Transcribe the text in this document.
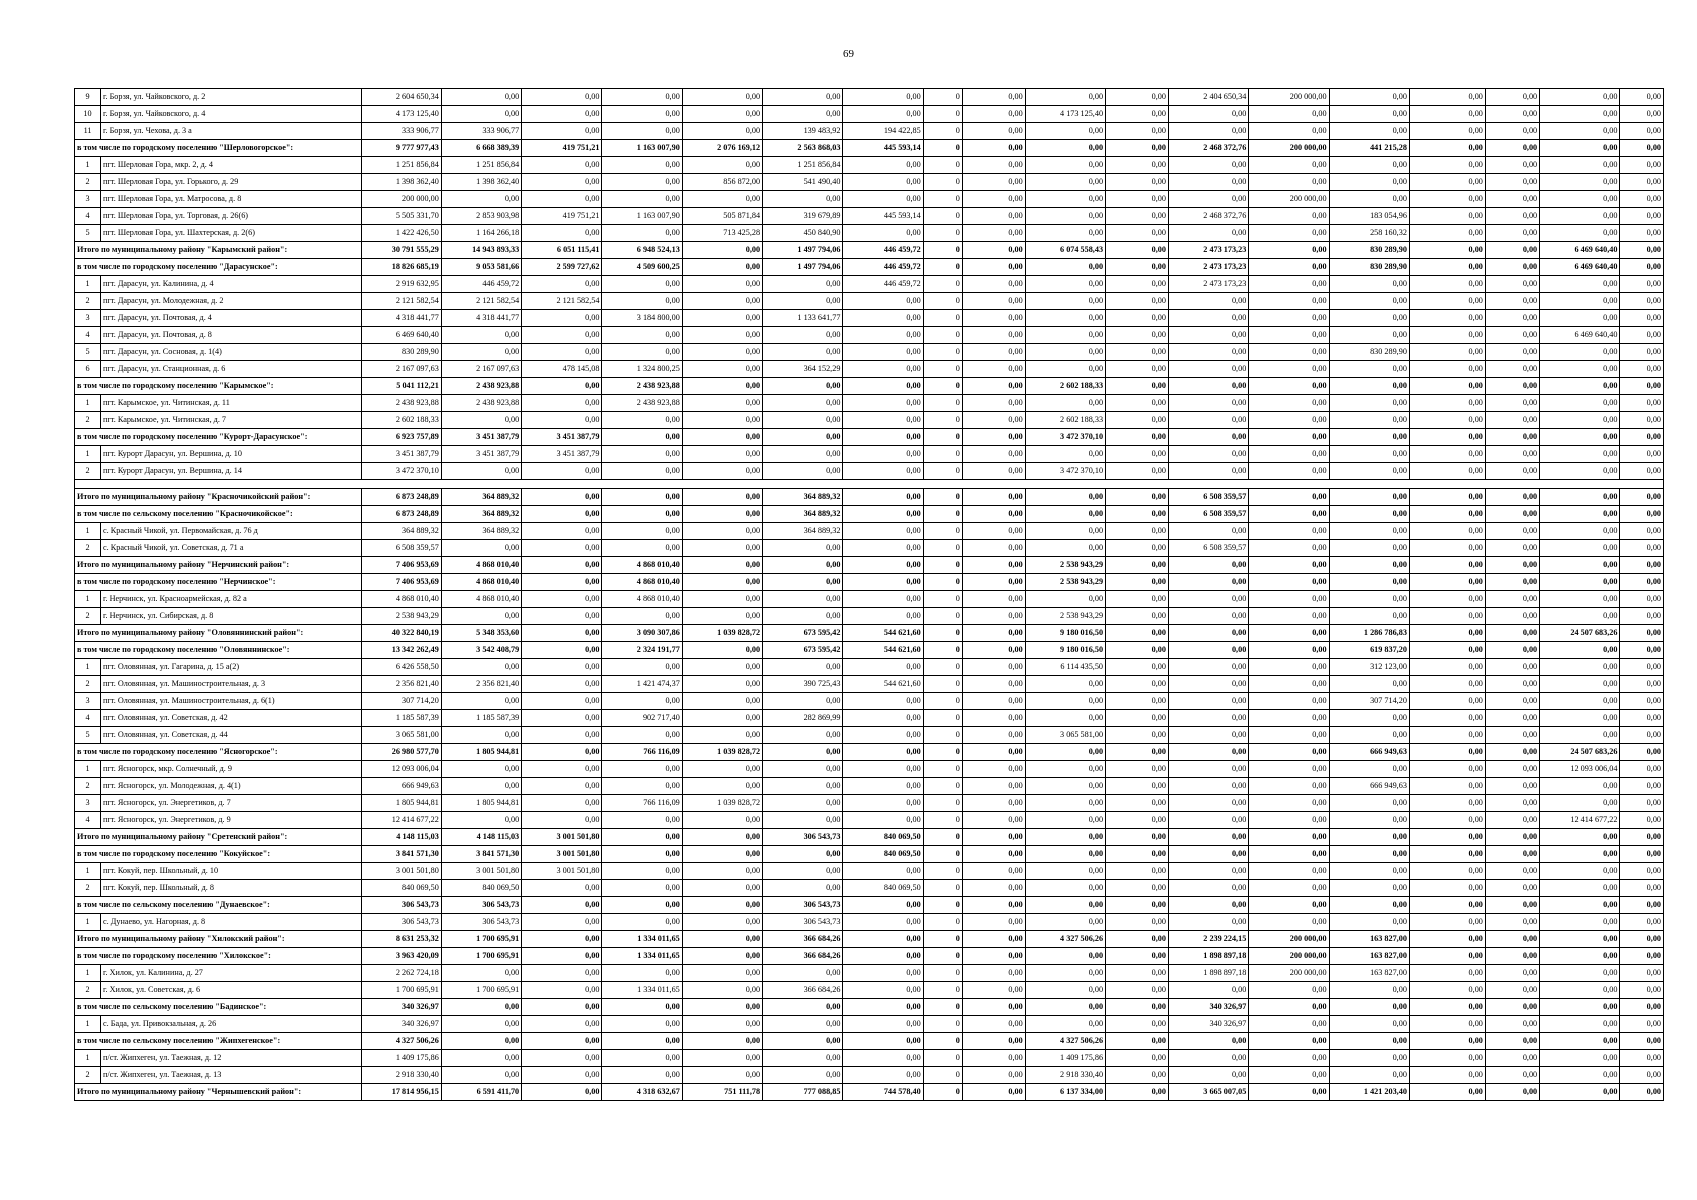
69
9	г. Борзя, ул. Чайковского, д. 2	2 604 650,34	0,00	0,00	0,00	0,00	0,00	0,00	0	0,00	0,00	0,00	2 404 650,34	200 000,00	0,00	0,00	0,00	0,00	0,00
10	г. Борзя, ул. Чайковского, д. 4	4 173 125,40	0,00	0,00	0,00	0,00	0,00	0,00	0	0,00	4 173 125,40	0,00	0,00	0,00	0,00	0,00	0,00	0,00	0,00
11	г. Борзя, ул. Чехова, д. 3 а	333 906,77	333 906,77	0,00	0,00	0,00	139 483,92	194 422,85	0	0,00	0,00	0,00	0,00	0,00	0,00	0,00	0,00	0,00	0,00
в том числе по городскому поселению "Шерловогорское":		9 777 977,43	6 668 389,39	419 751,21	1 163 007,90	2 076 169,12	2 563 868,03	445 593,14	0	0,00	0,00	0,00	2 468 372,76	200 000,00	441 215,28	0,00	0,00	0,00	0,00
1	пгт. Шерловая Гора, мкр. 2, д. 4	1 251 856,84	1 251 856,84	0,00	0,00	0,00	1 251 856,84	0,00	0	0,00	0,00	0,00	0,00	0,00	0,00	0,00	0,00	0,00	0,00
2	пгт. Шерловая Гора, ул. Горького, д. 29	1 398 362,40	1 398 362,40	0,00	0,00	856 872,00	541 490,40	0,00	0	0,00	0,00	0,00	0,00	0,00	0,00	0,00	0,00	0,00	0,00
3	пгт. Шерловая Гора, ул. Матросова, д. 8	200 000,00	0,00	0,00	0,00	0,00	0,00	0,00	0	0,00	0,00	0,00	0,00	200 000,00	0,00	0,00	0,00	0,00	0,00
4	пгт. Шерловая Гора, ул. Торговая, д. 26(6)	5 505 331,70	2 853 903,98	419 751,21	1 163 007,90	505 871,84	319 679,89	445 593,14	0	0,00	0,00	0,00	2 468 372,76	0,00	183 054,96	0,00	0,00	0,00	0,00
5	пгт. Шерловая Гора, ул. Шахтерская, д. 2(6)	1 422 426,50	1 164 266,18	0,00	0,00	713 425,28	450 840,90	0,00	0	0,00	0,00	0,00	0,00	0,00	258 160,32	0,00	0,00	0,00	0,00
Итого по муниципальному району "Карымский район":		30 791 555,29	14 943 893,33	6 051 115,41	6 948 524,13	0,00	1 497 794,06	446 459,72	0	0,00	6 074 558,43	0,00	2 473 173,23	0,00	830 289,90	0,00	0,00	6 469 640,40	0,00
в том числе по городскому поселению "Дарасунское":		18 826 685,19	9 053 581,66	2 599 727,62	4 509 600,25	0,00	1 497 794,06	446 459,72	0	0,00	0,00	0,00	2 473 173,23	0,00	830 289,90	0,00	0,00	6 469 640,40	0,00
1	пгт. Дарасун, ул. Калинина, д. 4	2 919 632,95	446 459,72	0,00	0,00	0,00	0,00	446 459,72	0	0,00	0,00	0,00	2 473 173,23	0,00	0,00	0,00	0,00	0,00	0,00
2	пгт. Дарасун, ул. Молодежная, д. 2	2 121 582,54	2 121 582,54	2 121 582,54	0,00	0,00	0,00	0,00	0	0,00	0,00	0,00	0,00	0,00	0,00	0,00	0,00	0,00	0,00
3	пгт. Дарасун, ул. Почтовая, д. 4	4 318 441,77	4 318 441,77	0,00	3 184 800,00	0,00	1 133 641,77	0,00	0	0,00	0,00	0,00	0,00	0,00	0,00	0,00	0,00	0,00	0,00
4	пгт. Дарасун, ул. Почтовая, д. 8	6 469 640,40	0,00	0,00	0,00	0,00	0,00	0,00	0	0,00	0,00	0,00	0,00	0,00	0,00	0,00	0,00	6 469 640,40	0,00
5	пгт. Дарасун, ул. Сосновая, д. 1(4)	830 289,90	0,00	0,00	0,00	0,00	0,00	0,00	0	0,00	0,00	0,00	0,00	0,00	830 289,90	0,00	0,00	0,00	0,00
6	пгт. Дарасун, ул. Станционная, д. 6	2 167 097,63	2 167 097,63	478 145,08	1 324 800,25	0,00	364 152,29	0,00	0	0,00	0,00	0,00	0,00	0,00	0,00	0,00	0,00	0,00	0,00
в том числе по городскому поселению "Карымское":		5 041 112,21	2 438 923,88	0,00	2 438 923,88	0,00	0,00	0,00	0	0,00	2 602 188,33	0,00	0,00	0,00	0,00	0,00	0,00	0,00	0,00
1	пгт. Карымское, ул. Читинская, д. 11	2 438 923,88	2 438 923,88	0,00	2 438 923,88	0,00	0,00	0,00	0	0,00	0,00	0,00	0,00	0,00	0,00	0,00	0,00	0,00	0,00
2	пгт. Карымское, ул. Читинская, д. 7	2 602 188,33	0,00	0,00	0,00	0,00	0,00	0,00	0	0,00	2 602 188,33	0,00	0,00	0,00	0,00	0,00	0,00	0,00	0,00
в том числе по городскому поселению "Курорт-Дарасунское":		6 923 757,89	3 451 387,79	3 451 387,79	0,00	0,00	0,00	0,00	0	0,00	3 472 370,10	0,00	0,00	0,00	0,00	0,00	0,00	0,00	0,00
1	пгт. Курорт Дарасун, ул. Вершина, д. 10	3 451 387,79	3 451 387,79	3 451 387,79	0,00	0,00	0,00	0,00	0	0,00	0,00	0,00	0,00	0,00	0,00	0,00	0,00	0,00	0,00
2	пгт. Курорт Дарасун, ул. Вершина, д. 14	3 472 370,10	0,00	0,00	0,00	0,00	0,00	0,00	0	0,00	3 472 370,10	0,00	0,00	0,00	0,00	0,00	0,00	0,00	0,00

Итого по муниципальному району "Красночикойский район":		6 873 248,89	364 889,32	0,00	0,00	0,00	364 889,32	0,00	0	0,00	0,00	0,00	6 508 359,57	0,00	0,00	0,00	0,00	0,00	0,00
в том числе по сельскому поселению "Красночикойское":		6 873 248,89	364 889,32	0,00	0,00	0,00	364 889,32	0,00	0	0,00	0,00	0,00	6 508 359,57	0,00	0,00	0,00	0,00	0,00	0,00
1	с. Красный Чикой, ул. Первомайская, д. 76 д	364 889,32	364 889,32	0,00	0,00	0,00	364 889,32	0,00	0	0,00	0,00	0,00	0,00	0,00	0,00	0,00	0,00	0,00	0,00
2	с. Красный Чикой, ул. Советская, д. 71 а	6 508 359,57	0,00	0,00	0,00	0,00	0,00	0,00	0	0,00	0,00	0,00	6 508 359,57	0,00	0,00	0,00	0,00	0,00	0,00
Итого по муниципальному району "Нерчинский район":		7 406 953,69	4 868 010,40	0,00	4 868 010,40	0,00	0,00	0,00	0	0,00	2 538 943,29	0,00	0,00	0,00	0,00	0,00	0,00	0,00	0,00
в том числе по городскому поселению "Нерчинское":		7 406 953,69	4 868 010,40	0,00	4 868 010,40	0,00	0,00	0,00	0	0,00	2 538 943,29	0,00	0,00	0,00	0,00	0,00	0,00	0,00	0,00
1	г. Нерчинск, ул. Красноармейская, д. 82 а	4 868 010,40	4 868 010,40	0,00	4 868 010,40	0,00	0,00	0,00	0	0,00	0,00	0,00	0,00	0,00	0,00	0,00	0,00	0,00	0,00
2	г. Нерчинск, ул. Сибирская, д. 8	2 538 943,29	0,00	0,00	0,00	0,00	0,00	0,00	0	0,00	2 538 943,29	0,00	0,00	0,00	0,00	0,00	0,00	0,00	0,00
Итого по муниципальному району "Оловяннинский район":		40 322 840,19	5 348 353,60	0,00	3 090 307,86	1 039 828,72	673 595,42	544 621,60	0	0,00	9 180 016,50	0,00	0,00	0,00	1 286 786,83	0,00	0,00	24 507 683,26	0,00
в том числе по городскому поселению "Оловяннинское":		13 342 262,49	3 542 408,79	0,00	2 324 191,77	0,00	673 595,42	544 621,60	0	0,00	9 180 016,50	0,00	0,00	0,00	619 837,20	0,00	0,00	0,00	0,00
1	пгт. Оловянная, ул. Гагарина, д. 15 а(2)	6 426 558,50	0,00	0,00	0,00	0,00	0,00	0,00	0	0,00	6 114 435,50	0,00	0,00	0,00	312 123,00	0,00	0,00	0,00	0,00
2	пгт. Оловянная, ул. Машиностроительная, д. 3	2 356 821,40	2 356 821,40	0,00	1 421 474,37	0,00	390 725,43	544 621,60	0	0,00	0,00	0,00	0,00	0,00	0,00	0,00	0,00	0,00	0,00
3	пгт. Оловянная, ул. Машиностроительная, д. 6(1)	307 714,20	0,00	0,00	0,00	0,00	0,00	0,00	0	0,00	0,00	0,00	0,00	0,00	307 714,20	0,00	0,00	0,00	0,00
4	пгт. Оловянная, ул. Советская, д. 42	1 185 587,39	1 185 587,39	0,00	902 717,40	0,00	282 869,99	0,00	0	0,00	0,00	0,00	0,00	0,00	0,00	0,00	0,00	0,00	0,00
5	пгт. Оловянная, ул. Советская, д. 44	3 065 581,00	0,00	0,00	0,00	0,00	0,00	0,00	0	0,00	3 065 581,00	0,00	0,00	0,00	0,00	0,00	0,00	0,00	0,00
в том числе по городскому поселению "Ясногорское":		26 980 577,70	1 805 944,81	0,00	766 116,09	1 039 828,72	0,00	0,00	0	0,00	0,00	0,00	0,00	0,00	666 949,63	0,00	0,00	24 507 683,26	0,00
1	пгт. Ясногорск, мкр. Солнечный, д. 9	12 093 006,04	0,00	0,00	0,00	0,00	0,00	0,00	0	0,00	0,00	0,00	0,00	0,00	0,00	0,00	0,00	12 093 006,04	0,00
2	пгт. Ясногорск, ул. Молодежная, д. 4(1)	666 949,63	0,00	0,00	0,00	0,00	0,00	0,00	0	0,00	0,00	0,00	0,00	0,00	666 949,63	0,00	0,00	0,00	0,00
3	пгт. Ясногорск, ул. Энергетиков, д. 7	1 805 944,81	1 805 944,81	0,00	766 116,09	1 039 828,72	0,00	0,00	0	0,00	0,00	0,00	0,00	0,00	0,00	0,00	0,00	0,00	0,00
4	пгт. Ясногорск, ул. Энергетиков, д. 9	12 414 677,22	0,00	0,00	0,00	0,00	0,00	0,00	0	0,00	0,00	0,00	0,00	0,00	0,00	0,00	0,00	12 414 677,22	0,00
Итого по муниципальному району "Сретенский район":		4 148 115,03	4 148 115,03	3 001 501,80	0,00	0,00	306 543,73	840 069,50	0	0,00	0,00	0,00	0,00	0,00	0,00	0,00	0,00	0,00	0,00
в том числе по городскому поселению "Кокуйское":		3 841 571,30	3 841 571,30	3 001 501,80	0,00	0,00	0,00	840 069,50	0	0,00	0,00	0,00	0,00	0,00	0,00	0,00	0,00	0,00	0,00
1	пгт. Кокуй, пер. Школьный, д. 10	3 001 501,80	3 001 501,80	3 001 501,80	0,00	0,00	0,00	0,00	0	0,00	0,00	0,00	0,00	0,00	0,00	0,00	0,00	0,00	0,00
2	пгт. Кокуй, пер. Школьный, д. 8	840 069,50	840 069,50	0,00	0,00	0,00	0,00	840 069,50	0	0,00	0,00	0,00	0,00	0,00	0,00	0,00	0,00	0,00	0,00
в том числе по сельскому поселению "Дунаевское":		306 543,73	306 543,73	0,00	0,00	0,00	306 543,73	0,00	0	0,00	0,00	0,00	0,00	0,00	0,00	0,00	0,00	0,00	0,00
1	с. Дунаево, ул. Нагорная, д. 8	306 543,73	306 543,73	0,00	0,00	0,00	306 543,73	0,00	0	0,00	0,00	0,00	0,00	0,00	0,00	0,00	0,00	0,00	0,00
Итого по муниципальному району "Хилокский район":		8 631 253,32	1 700 695,91	0,00	1 334 011,65	0,00	366 684,26	0,00	0	0,00	4 327 506,26	0,00	2 239 224,15	200 000,00	163 827,00	0,00	0,00	0,00	0,00
в том числе по городскому поселению "Хилокское":		3 963 420,09	1 700 695,91	0,00	1 334 011,65	0,00	366 684,26	0,00	0	0,00	0,00	0,00	1 898 897,18	200 000,00	163 827,00	0,00	0,00	0,00	0,00
1	г. Хилок, ул. Калинина, д. 27	2 262 724,18	0,00	0,00	0,00	0,00	0,00	0,00	0	0,00	0,00	0,00	1 898 897,18	200 000,00	163 827,00	0,00	0,00	0,00	0,00
2	г. Хилок, ул. Советская, д. 6	1 700 695,91	1 700 695,91	0,00	1 334 011,65	0,00	366 684,26	0,00	0	0,00	0,00	0,00	0,00	0,00	0,00	0,00	0,00	0,00	0,00
в том числе по сельскому поселению "Бадинское":		340 326,97	0,00	0,00	0,00	0,00	0,00	0,00	0	0,00	0,00	0,00	340 326,97	0,00	0,00	0,00	0,00	0,00	0,00
1	с. Бада, ул. Привокзальная, д. 26	340 326,97	0,00	0,00	0,00	0,00	0,00	0,00	0	0,00	0,00	0,00	340 326,97	0,00	0,00	0,00	0,00	0,00	0,00
в том числе по сельскому поселению "Жипхегенское":		4 327 506,26	0,00	0,00	0,00	0,00	0,00	0,00	0	0,00	4 327 506,26	0,00	0,00	0,00	0,00	0,00	0,00	0,00	0,00
1	п/ст. Жипхеген, ул. Таежная, д. 12	1 409 175,86	0,00	0,00	0,00	0,00	0,00	0,00	0	0,00	1 409 175,86	0,00	0,00	0,00	0,00	0,00	0,00	0,00	0,00
2	п/ст. Жипхеген, ул. Таежная, д. 13	2 918 330,40	0,00	0,00	0,00	0,00	0,00	0,00	0	0,00	2 918 330,40	0,00	0,00	0,00	0,00	0,00	0,00	0,00	0,00
Итого по муниципальному району "Чернышевский район":		17 814 956,15	6 591 411,70	0,00	4 318 632,67	751 111,78	777 088,85	744 578,40	0	0,00	6 137 334,00	0,00	3 665 007,05	0,00	1 421 203,40	0,00	0,00	0,00	0,00
